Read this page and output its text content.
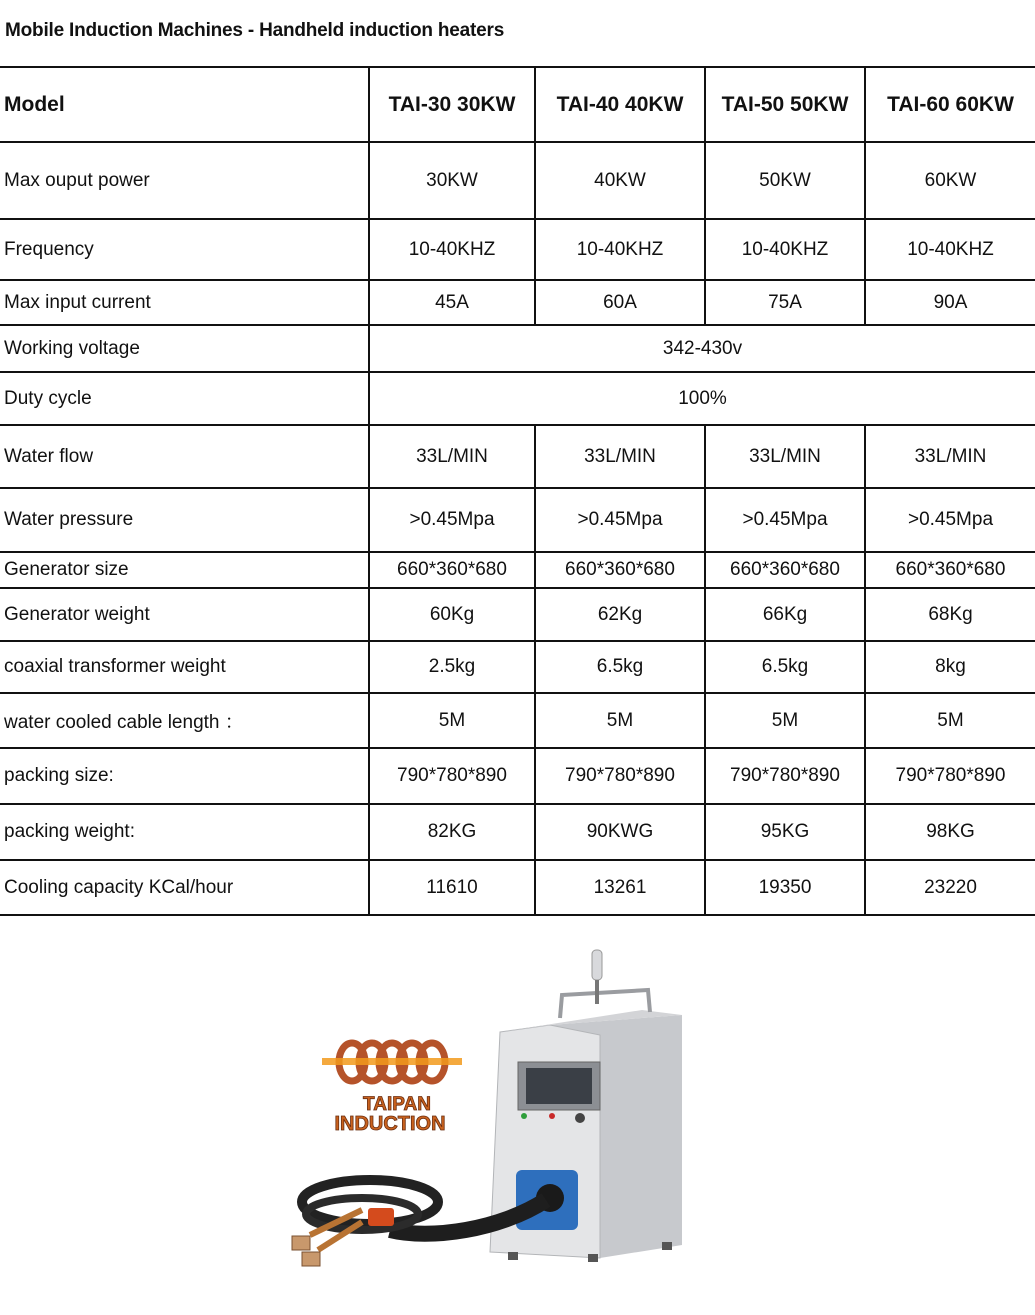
Mobile Induction Machines - Handheld induction heaters
Model	TAI-30 30KW	TAI-40 40KW	TAI-50 50KW	TAI-60 60KW
Max ouput power	30KW	40KW	50KW	60KW
Frequency	10-40KHZ	10-40KHZ	10-40KHZ	10-40KHZ
Max input current	45A	60A	75A	90A
Working voltage	342-430v			
Duty cycle	100%			
Water flow	33L/MIN	33L/MIN	33L/MIN	33L/MIN
Water pressure	>0.45Mpa	>0.45Mpa	>0.45Mpa	>0.45Mpa
Generator size	660*360*680	660*360*680	660*360*680	660*360*680
Generator weight	60Kg	62Kg	66Kg	68Kg
coaxial transformer weight	2.5kg	6.5kg	6.5kg	8kg
water cooled cable length ：	5M	5M	5M	5M
packing size:	790*780*890	790*780*890	790*780*890	790*780*890
packing weight:	82KG	90KWG	95KG	98KG
Cooling capacity KCal/hour	11610	13261	19350	23220
TAIPAN
INDUCTION
